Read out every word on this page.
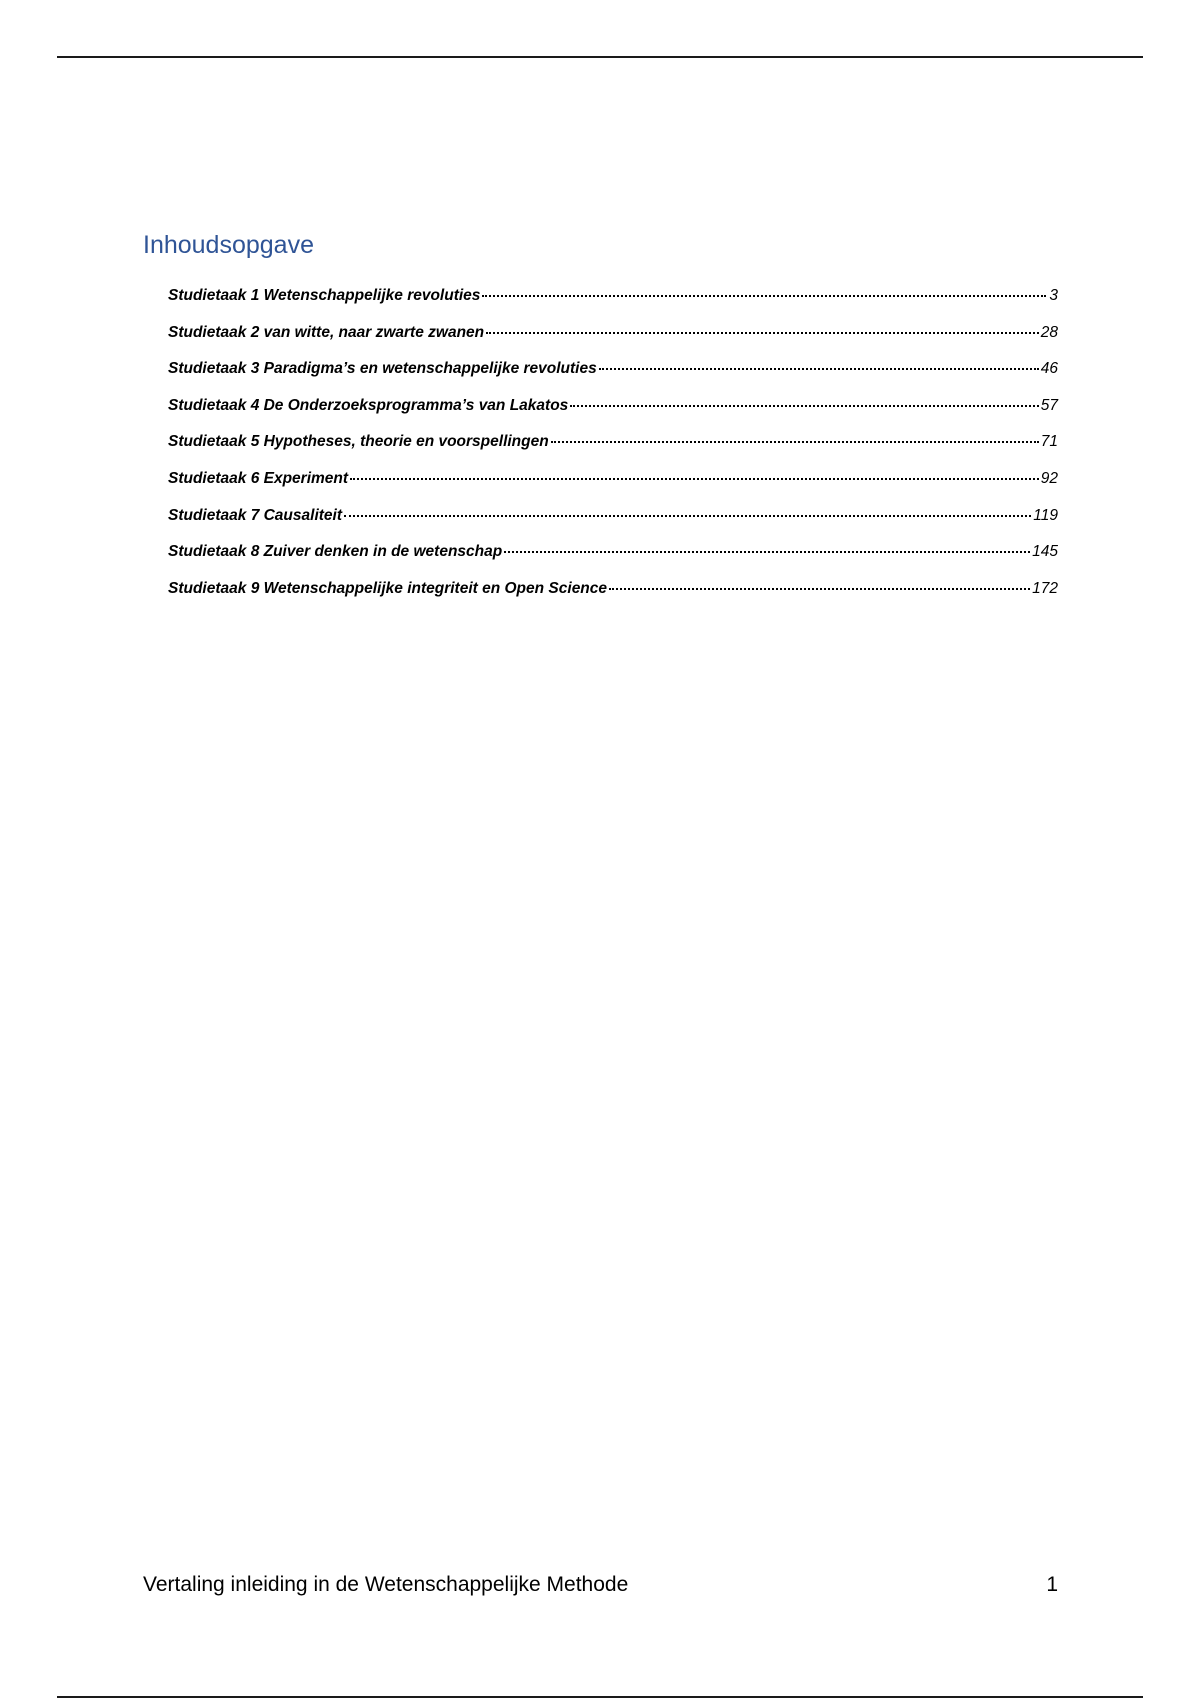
Inhoudsopgave
Studietaak 1 Wetenschappelijke revoluties	3
Studietaak 2 van witte, naar zwarte zwanen	28
Studietaak 3 Paradigma’s en wetenschappelijke revoluties	46
Studietaak 4 De Onderzoeksprogramma’s van Lakatos	57
Studietaak 5 Hypotheses, theorie en voorspellingen	71
Studietaak 6 Experiment	92
Studietaak 7 Causaliteit	119
Studietaak 8 Zuiver denken in de wetenschap	145
Studietaak 9 Wetenschappelijke integriteit en Open Science	172
Vertaling inleiding in de Wetenschappelijke Methode	1
